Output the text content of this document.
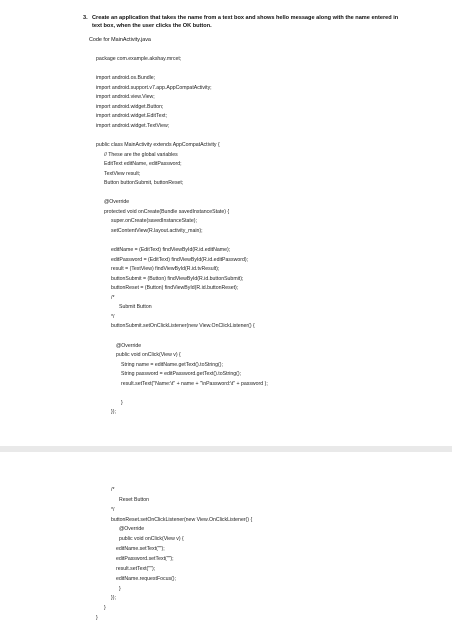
3. Create an application that takes the name from a text box and shows hello message along with the name entered in text box, when the user clicks the OK button.
Code for MainActivity.java
package com.example.akshay.mrcet;
import android.os.Bundle;
import android.support.v7.app.AppCompatActivity;
import android.view.View;
import android.widget.Button;
import android.widget.EditText;
import android.widget.TextView;
public class MainActivity extends AppCompatActivity {
// These are the global variables
EditText editName, editPassword;
TextView result;
Button buttonSubmit, buttonReset;
@Override
protected void onCreate(Bundle savedInstanceState) {
super.onCreate(savedInstanceState);
setContentView(R.layout.activity_main);
editName = (EditText) findViewById(R.id.editName);
editPassword = (EditText) findViewById(R.id.editPassword);
result = (TextView) findViewById(R.id.tvResult);
buttonSubmit = (Button) findViewById(R.id.buttonSubmit);
buttonReset = (Button) findViewById(R.id.buttonReset);
/*
Submit Button
*/
buttonSubmit.setOnClickListener(new View.OnClickListener() {
@Override
public void onClick(View v) {
String name = editName.getText().toString();
String password = editPassword.getText().toString();
result.setText("Name:\t" + name + "\nPassword:\t" + password );
}
});
/*
Reset Button
*/
buttonReset.setOnClickListener(new View.OnClickListener() {
@Override
public void onClick(View v) {
editName.setText("");
editPassword.setText("");
result.setText("");
editName.requestFocus();
}
});
}
}
